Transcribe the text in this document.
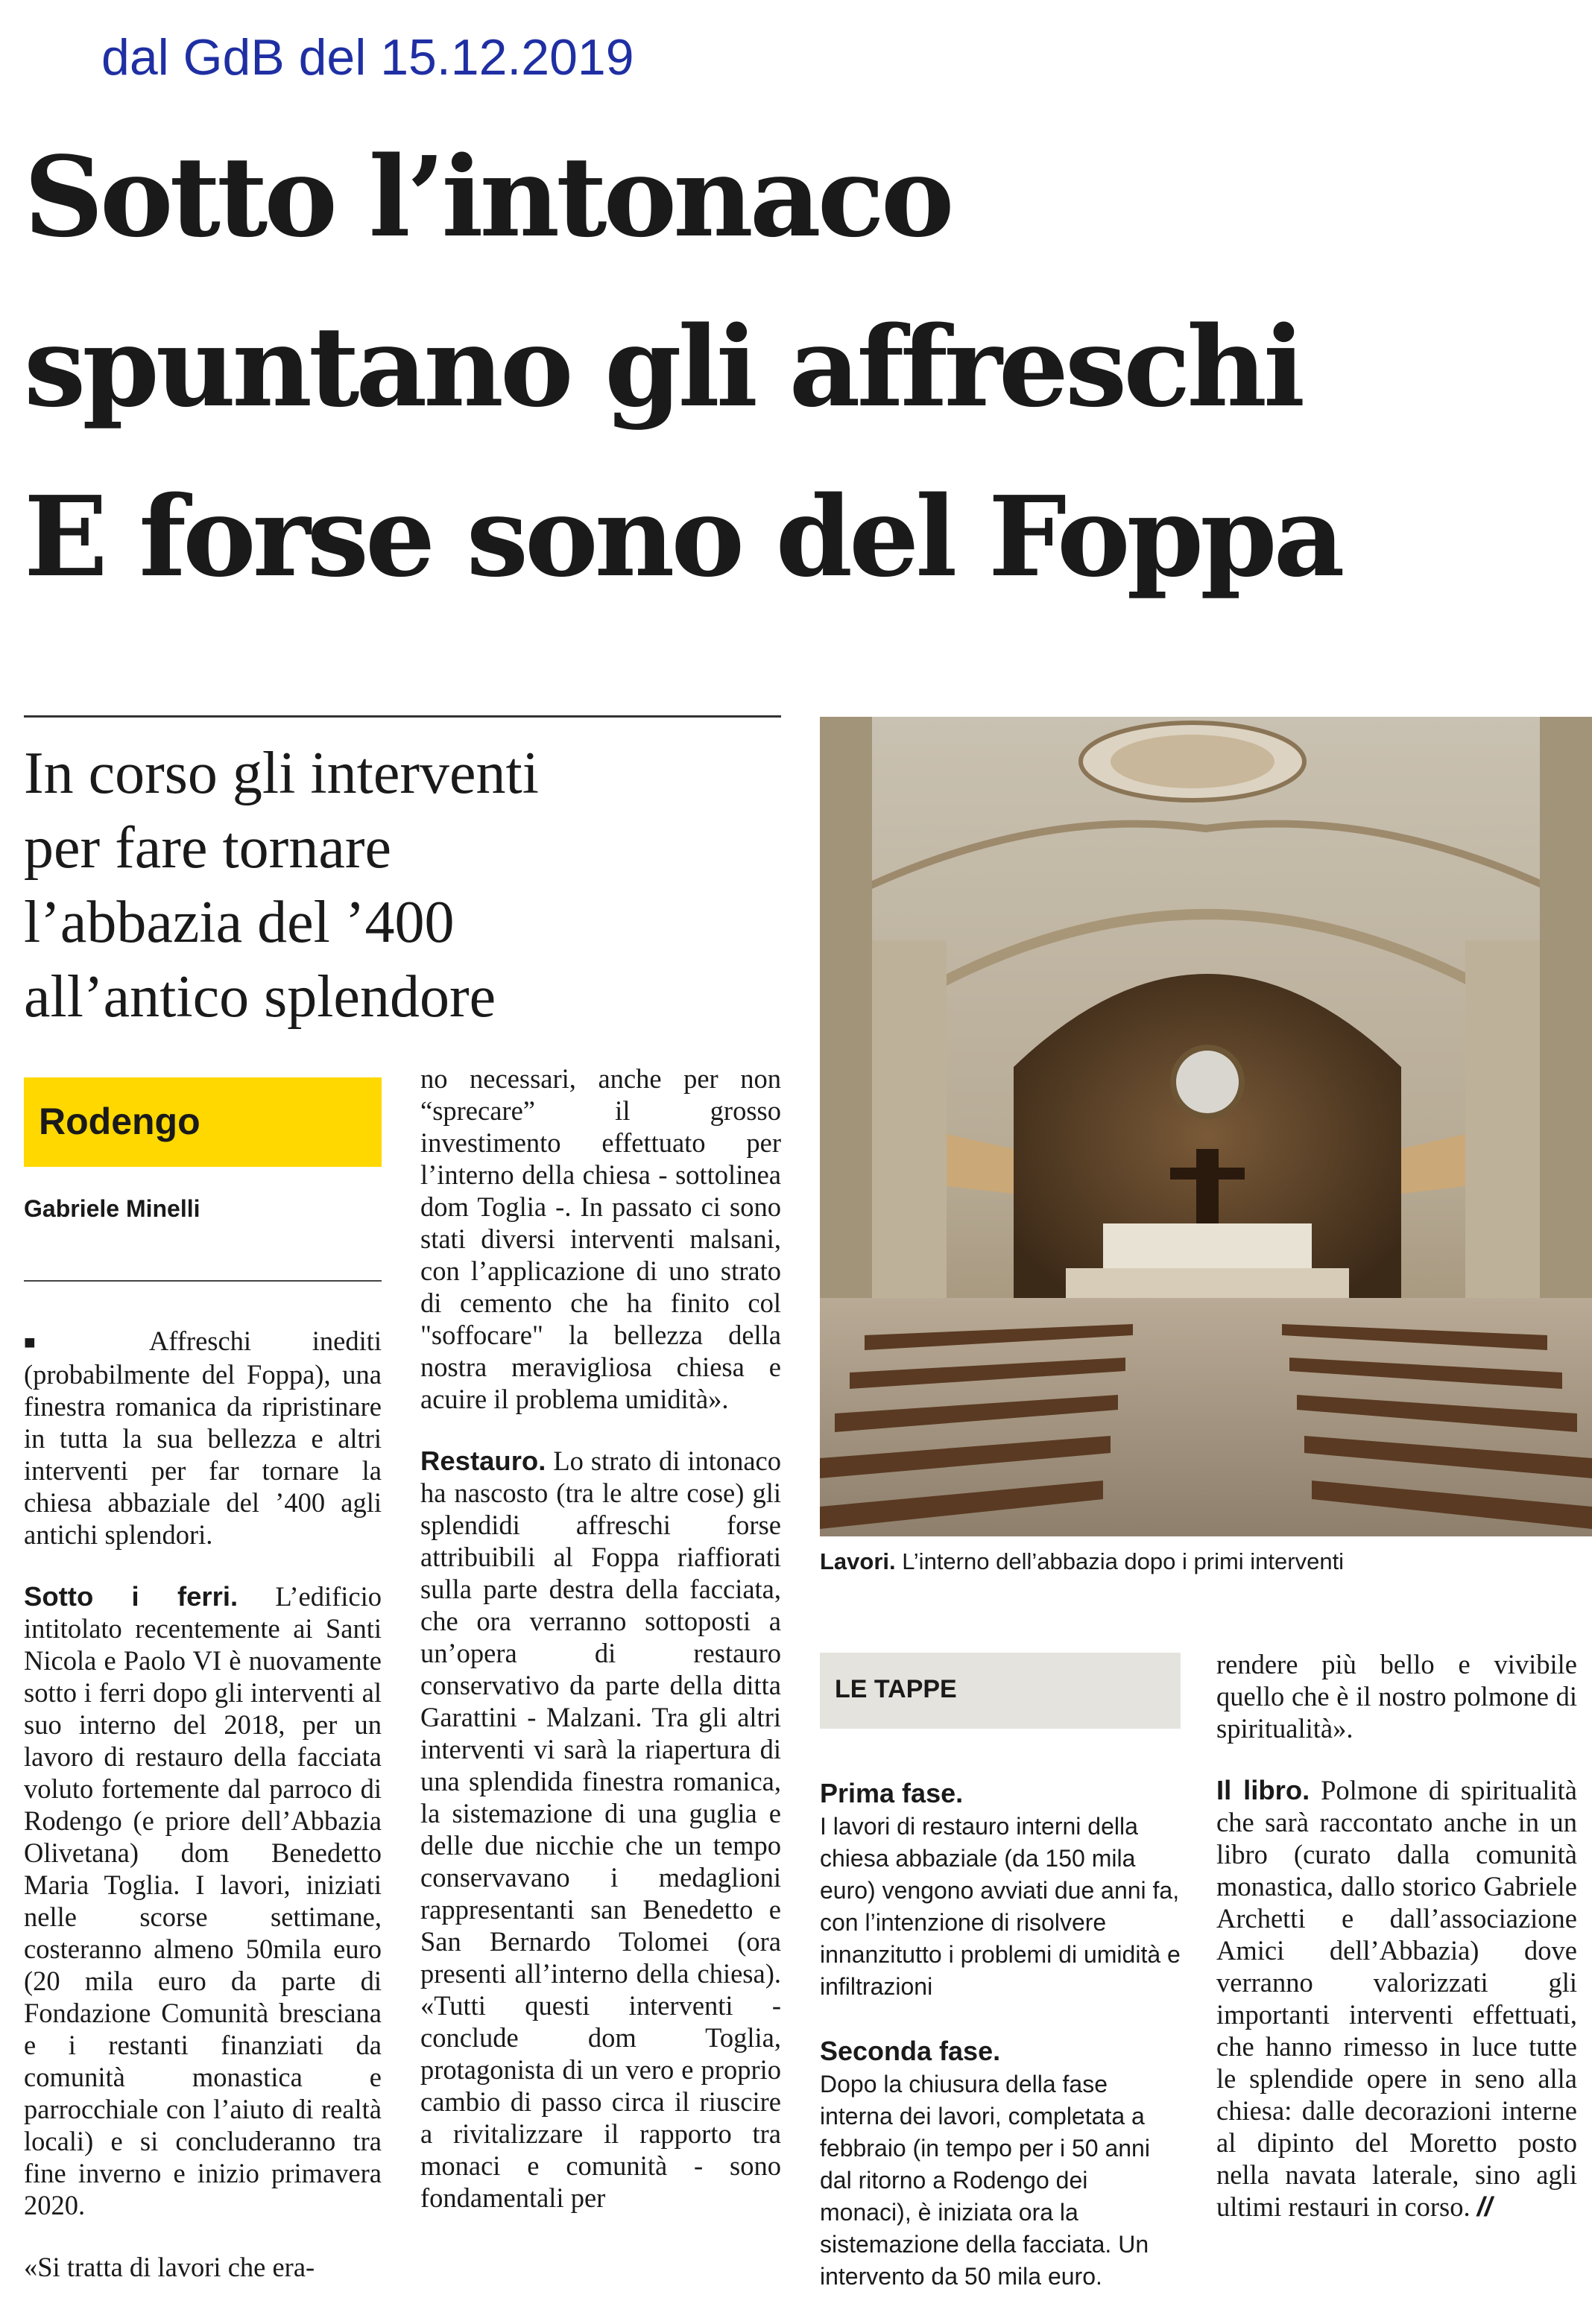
dal GdB del 15.12.2019
Sotto l’intonaco
spuntano gli affreschi
E forse sono del Foppa
In corso gli interventi
per fare tornare
l’abbazia del ’400
all’antico splendore
Rodengo
Gabriele Minelli

■ Affreschi inediti (probabilmente del Foppa), una finestra romanica da ripristinare in tutta la sua bellezza e altri interventi per far tornare la chiesa abbaziale del ’400 agli antichi splendori.

Sotto i ferri. L’edificio intitolato recentemente ai Santi Nicola e Paolo VI è nuovamente sotto i ferri dopo gli interventi al suo interno del 2018, per un lavoro di restauro della facciata voluto fortemente dal parroco di Rodengo (e priore dell’Abbazia Olivetana) dom Benedetto Maria Toglia. I lavori, iniziati nelle scorse settimane, costeranno almeno 50mila euro (20 mila euro da parte di Fondazione Comunità bresciana e i restanti finanziati da comunità monastica e parrocchiale con l’aiuto di realtà locali) e si concluderanno tra fine inverno e inizio primavera 2020.

«Si tratta di lavori che era-

no necessari, anche per non “sprecare” il grosso investimento effettuato per l’interno della chiesa - sottolinea dom Toglia -. In passato ci sono stati diversi interventi malsani, con l’applicazione di uno strato di cemento che ha finito col "soffocare" la bellezza della nostra meravigliosa chiesa e acuire il problema umidità».

Restauro. Lo strato di intonaco ha nascosto (tra le altre cose) gli splendidi affreschi forse attribuibili al Foppa riaffiorati sulla parte destra della facciata, che ora verranno sottoposti a un’opera di restauro conservativo da parte della ditta Garattini - Malzani. Tra gli altri interventi vi sarà la riapertura di una splendida finestra romanica, la sistemazione di una guglia e delle due nicchie che un tempo conservavano i medaglioni rappresentanti san Benedetto e San Bernardo Tolomei (ora presenti all’interno della chiesa). «Tutti questi interventi - conclude dom Toglia, protagonista di un vero e proprio cambio di passo circa il riuscire a rivitalizzare il rapporto tra monaci e comunità - sono fondamentali per

Lavori. L’interno dell’abbazia dopo i primi interventi
LE TAPPE
Prima fase.

I lavori di restauro interni della chiesa abbaziale (da 150 mila euro) vengono avviati due anni fa, con l’intenzione di risolvere innanzitutto i problemi di umidità e infiltrazioni

Seconda fase.

Dopo la chiusura della fase interna dei lavori, completata a febbraio (in tempo per i 50 anni dal ritorno a Rodengo dei monaci), è iniziata ora la sistemazione della facciata. Un intervento da 50 mila euro.

rendere più bello e vivibile quello che è il nostro polmone di spiritualità».

Il libro. Polmone di spiritualità che sarà raccontato anche in un libro (curato dalla comunità monastica, dallo storico Gabriele Archetti e dall’associazione Amici dell’Abbazia) dove verranno valorizzati gli importanti interventi effettuati, che hanno rimesso in luce tutte le splendide opere in seno alla chiesa: dalle decorazioni interne al dipinto del Moretto posto nella navata laterale, sino agli ultimi restauri in corso. //
